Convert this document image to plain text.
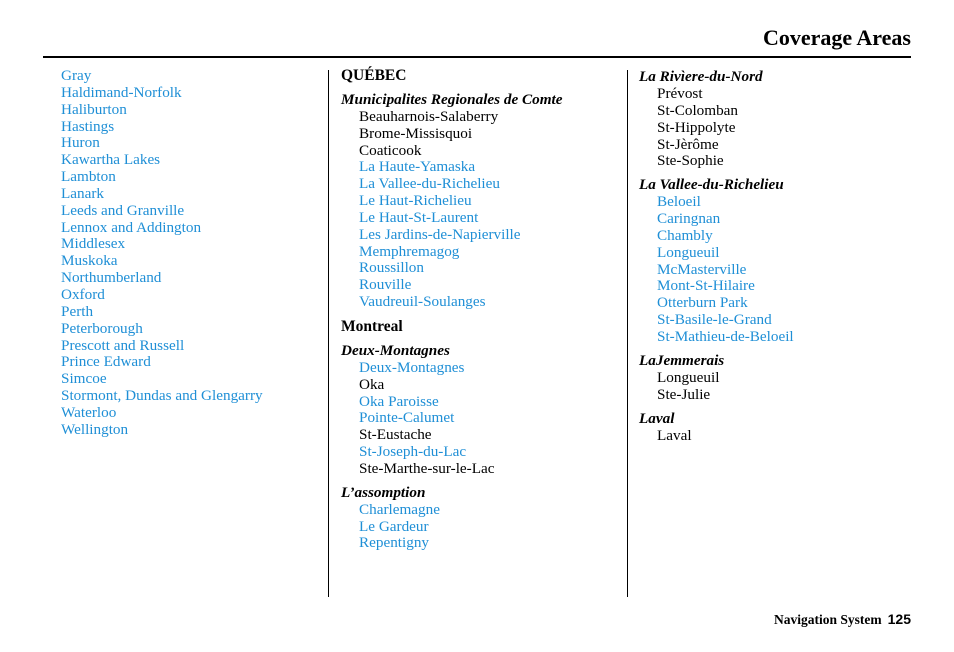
Coverage Areas
Gray
Haldimand-Norfolk
Haliburton
Hastings
Huron
Kawartha Lakes
Lambton
Lanark
Leeds and Granville
Lennox and Addington
Middlesex
Muskoka
Northumberland
Oxford
Perth
Peterborough
Prescott and Russell
Prince Edward
Simcoe
Stormont, Dundas and Glengarry
Waterloo
Wellington
QUÉBEC
Municipalites Regionales de Comte
Beauharnois-Salaberry
Brome-Missisquoi
Coaticook
La Haute-Yamaska
La Vallee-du-Richelieu
Le Haut-Richelieu
Le Haut-St-Laurent
Les Jardins-de-Napierville
Memphremagog
Roussillon
Rouville
Vaudreuil-Soulanges
Montreal
Deux-Montagnes
Deux-Montagnes
Oka
Oka Paroisse
Pointe-Calumet
St-Eustache
St-Joseph-du-Lac
Ste-Marthe-sur-le-Lac
L’assomption
Charlemagne
Le Gardeur
Repentigny
La Rivìere-du-Nord
Prévost
St-Colomban
St-Hippolyte
St-Jèrôme
Ste-Sophie
La Vallee-du-Richelieu
Beloeil
Caringnan
Chambly
Longueuil
McMasterville
Mont-St-Hilaire
Otterburn Park
St-Basile-le-Grand
St-Mathieu-de-Beloeil
LaJemmerais
Longueuil
Ste-Julie
Laval
Laval
Navigation System 125
